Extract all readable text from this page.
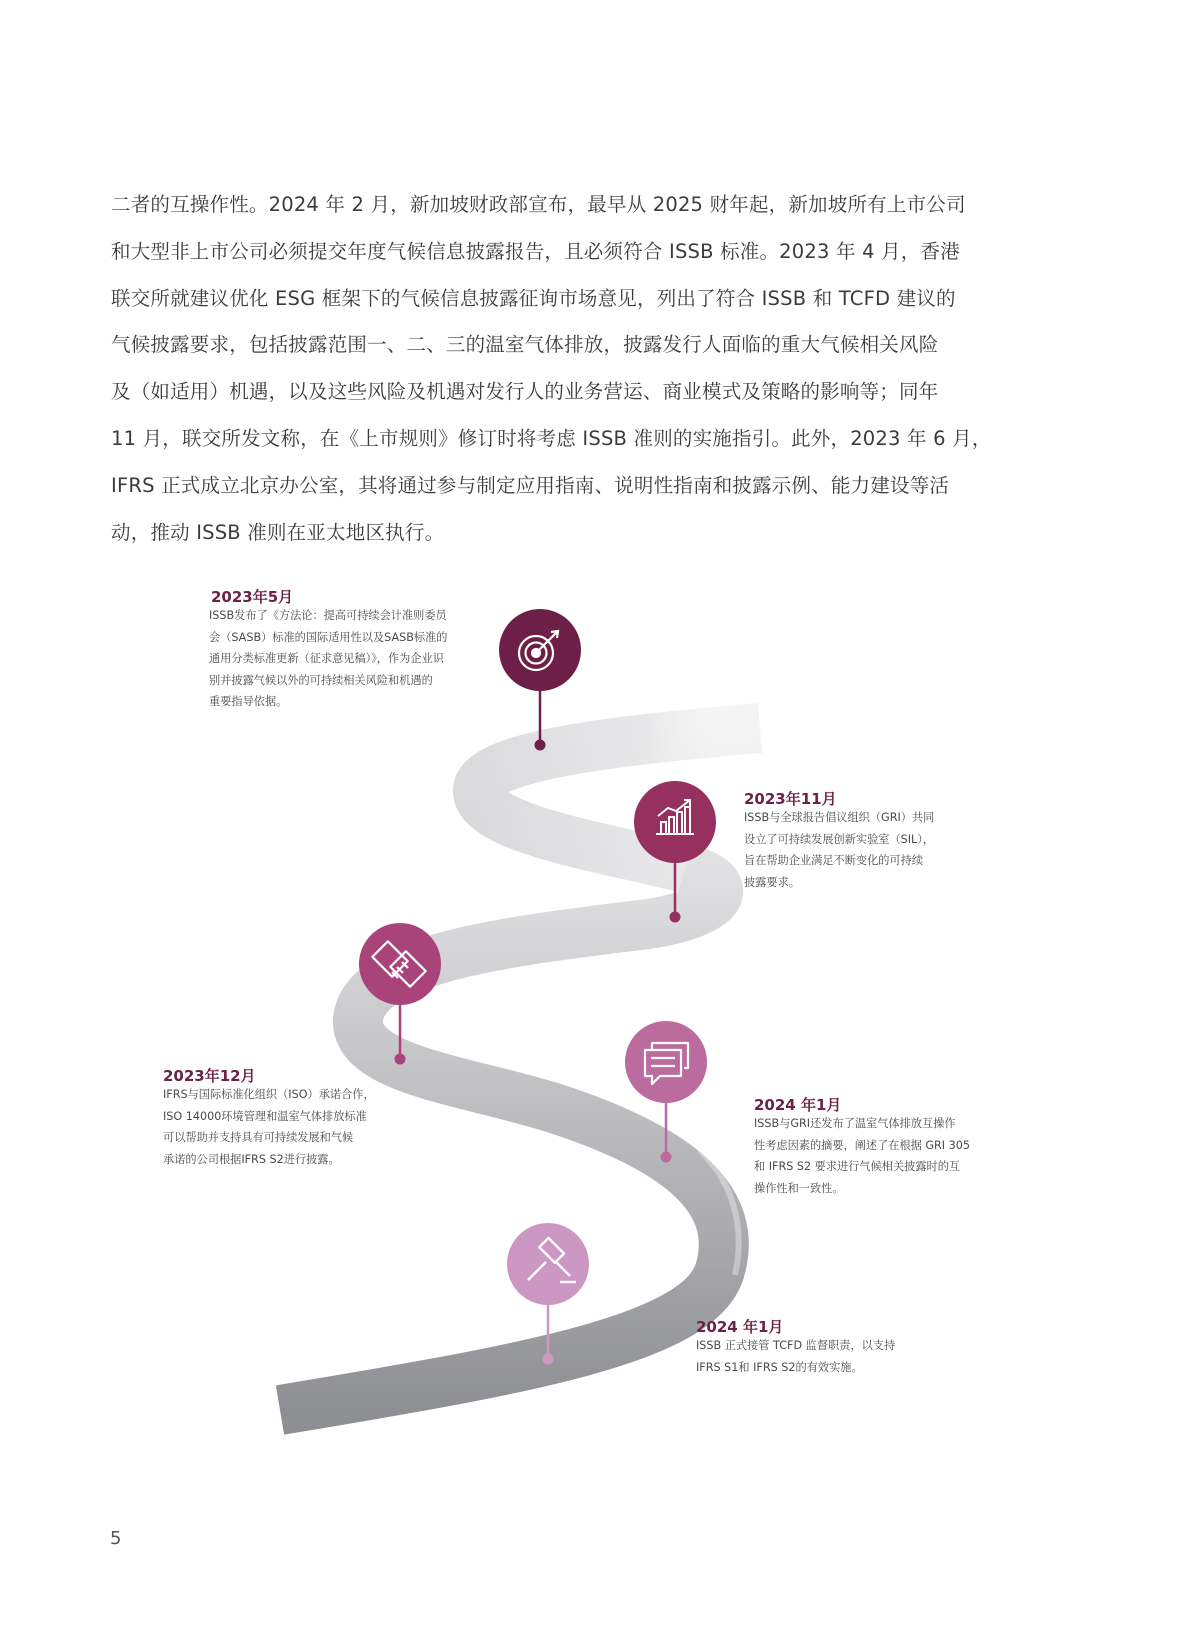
二者的互操作性。2024 年 2 月，新加坡财政部宣布，最早从 2025 财年起，新加坡所有上市公司
和大型非上市公司必须提交年度气候信息披露报告，且必须符合 ISSB 标准。2023 年 4 月，香港
联交所就建议优化 ESG 框架下的气候信息披露征询市场意见，列出了符合 ISSB 和 TCFD 建议的
气候披露要求，包括披露范围一、二、三的温室气体排放，披露发行人面临的重大气候相关风险
及（如适用）机遇，以及这些风险及机遇对发行人的业务营运、商业模式及策略的影响等；同年
11 月，联交所发文称，在《上市规则》修订时将考虑 ISSB 准则的实施指引。此外，2023 年 6 月，
IFRS 正式成立北京办公室，其将通过参与制定应用指南、说明性指南和披露示例、能力建设等活
动，推动 ISSB 准则在亚太地区执行。
2023年5月
ISSB发布了《方法论：提高可持续会计准则委员
会（SASB）标准的国际适用性以及SASB标准的
通用分类标准更新（征求意见稿）》，作为企业识
别并披露气候以外的可持续相关风险和机遇的
重要指导依据。
2023年11月
ISSB与全球报告倡议组织（GRI）共同
设立了可持续发展创新实验室（SIL），
旨在帮助企业满足不断变化的可持续
披露要求。
2023年12月
IFRS与国际标准化组织（ISO）承诺合作，
ISO 14000环境管理和温室气体排放标准
可以帮助并支持具有可持续发展和气候
承诺的公司根据IFRS S2进行披露。
2024 年1月
ISSB与GRI还发布了温室气体排放互操作
性考虑因素的摘要，阐述了在根据 GRI 305
和 IFRS S2 要求进行气候相关披露时的互
操作性和一致性。
2024 年1月
ISSB 正式接管 TCFD 监督职责，以支持
IFRS S1和 IFRS S2的有效实施。
5
